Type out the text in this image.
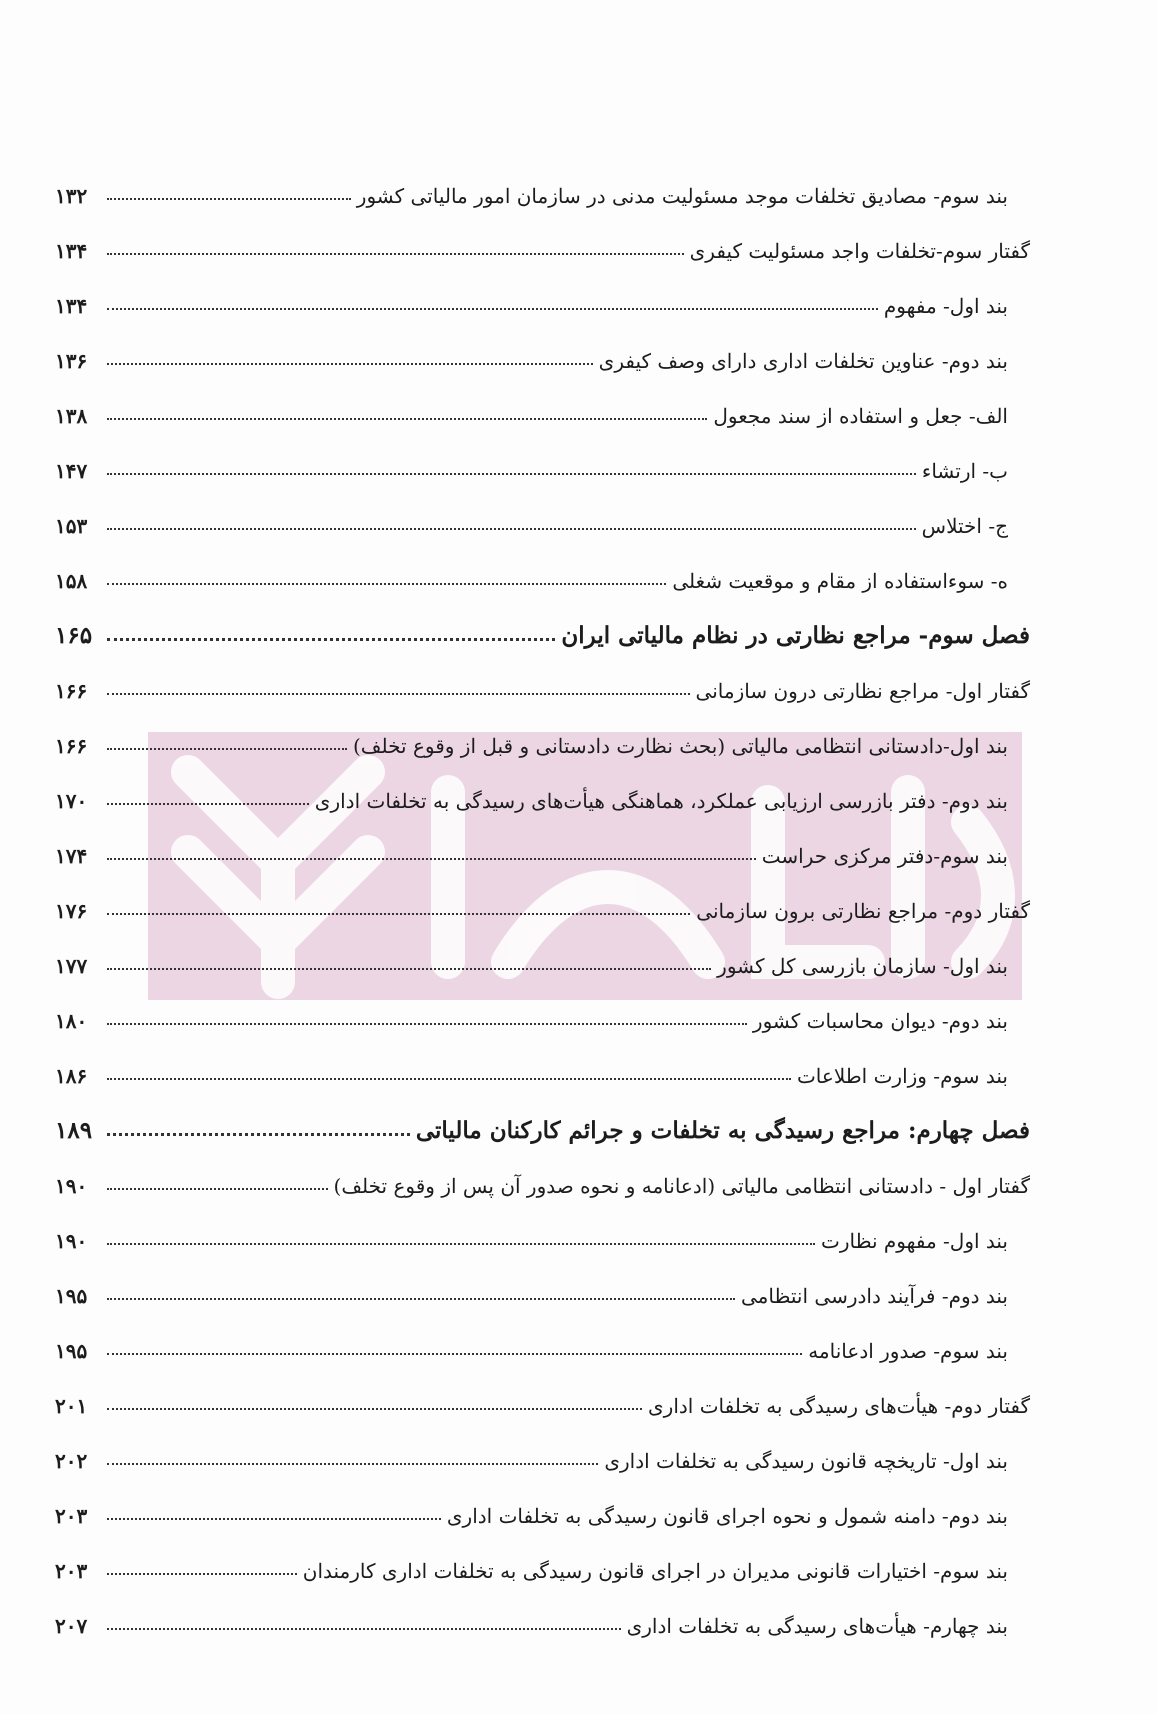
بند سوم- مصادیق تخلفات موجد مسئولیت مدنی در سازمان امور مالیاتی کشور
۱۳۲
گفتار سوم-تخلفات واجد مسئولیت کیفری
۱۳۴
بند اول- مفهوم
۱۳۴
بند دوم- عناوین تخلفات اداری دارای وصف کیفری
۱۳۶
الف- جعل و استفاده از سند مجعول
۱۳۸
ب- ارتشاء
۱۴۷
ج- اختلاس
۱۵۳
ه- سوءاستفاده از مقام و موقعیت شغلی
۱۵۸
فصل سوم- مراجع نظارتی در نظام مالیاتی ایران
۱۶۵
گفتار اول- مراجع نظارتی درون سازمانی
۱۶۶
بند اول-دادستانی انتظامی مالیاتی (بحث نظارت دادستانی و قبل از وقوع تخلف)
۱۶۶
بند دوم- دفتر بازرسی ارزیابی عملکرد، هماهنگی هیأت‌های رسیدگی به تخلفات اداری
۱۷۰
بند سوم-دفتر مرکزی حراست
۱۷۴
گفتار دوم- مراجع نظارتی برون سازمانی
۱۷۶
بند اول- سازمان بازرسی کل کشور
۱۷۷
بند دوم- دیوان محاسبات کشور
۱۸۰
بند سوم- وزارت اطلاعات
۱۸۶
فصل چهارم: مراجع رسیدگی به تخلفات و جرائم کارکنان مالیاتی
۱۸۹
گفتار اول - دادستانی انتظامی مالیاتی (ادعانامه و نحوه صدور آن پس از وقوع تخلف)
۱۹۰
بند اول- مفهوم نظارت
۱۹۰
بند دوم- فرآیند دادرسی انتظامی
۱۹۵
بند سوم- صدور ادعانامه
۱۹۵
گفتار دوم- هیأت‌های رسیدگی به تخلفات اداری
۲۰۱
بند اول- تاریخچه قانون رسیدگی به تخلفات اداری
۲۰۲
بند دوم- دامنه شمول و نحوه اجرای قانون رسیدگی به تخلفات اداری
۲۰۳
بند سوم- اختیارات قانونی مدیران در اجرای قانون رسیدگی به تخلفات اداری کارمندان
۲۰۳
بند چهارم- هیأت‌های رسیدگی به تخلفات اداری
۲۰۷
